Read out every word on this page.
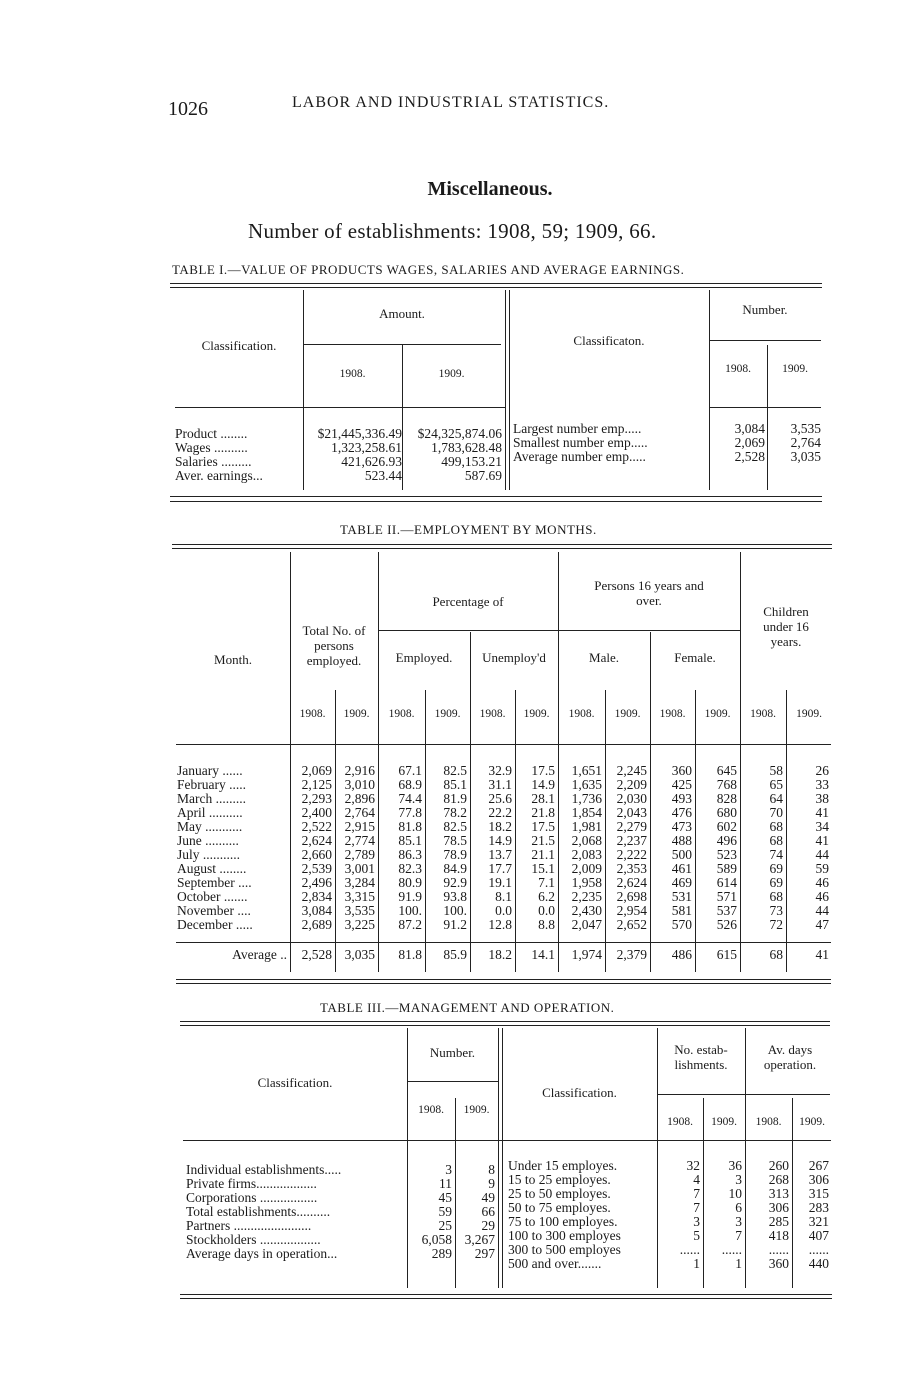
1026	LABOR AND INDUSTRIAL STATISTICS.
Miscellaneous.
Number of establishments: 1908, 59; 1909, 66.
TABLE I.—VALUE OF PRODUCTS WAGES, SALARIES AND AVERAGE EARNINGS.
Classification.
Amount.
Classificaton.
Number.
1908.	1909.	1908.	1909.
Product ........	$21,445,336.49	$24,325,874.06
Wages ..........	1,323,258.61	1,783,628.48
Salaries .........	421,626.93	499,153.21
Aver. earnings...	523.44	587.69
Largest number emp.....	3,084	3,535
Smallest number emp.....	2,069	2,764
Average number emp.....	2,528	3,035
TABLE II.—EMPLOYMENT BY MONTHS.
Month.
Total No. of persons employed.
Percentage of
Employed.	Unemploy'd
Persons 16 years and over.
Male.	Female.
Children under 16 years.
1908.	1909.	1908.	1909.	1908.	1909.	1908.	1909.	1908.	1909.	1908.	1909.
January ......	2,069	2,916	67.1	82.5	32.9	17.5	1,651	2,245	360	645	58	26
February .....	2,125	3,010	68.9	85.1	31.1	14.9	1,635	2,209	425	768	65	33
March .........	2,293	2,896	74.4	81.9	25.6	28.1	1,736	2,030	493	828	64	38
April ..........	2,400	2,764	77.8	78.2	22.2	21.8	1,854	2,043	476	680	70	41
May ...........	2,522	2,915	81.8	82.5	18.2	17.5	1,981	2,279	473	602	68	34
June ..........	2,624	2,774	85.1	78.5	14.9	21.5	2,068	2,237	488	496	68	41
July ...........	2,660	2,789	86.3	78.9	13.7	21.1	2,083	2,222	500	523	74	44
August ........	2,539	3,001	82.3	84.9	17.7	15.1	2,009	2,353	461	589	69	59
September ....	2,496	3,284	80.9	92.9	19.1	7.1	1,958	2,624	469	614	69	46
October .......	2,834	3,315	91.9	93.8	8.1	6.2	2,235	2,698	531	571	68	46
November ....	3,084	3,535	100.	100.	0.0	0.0	2,430	2,954	581	537	73	44
December .....	2,689	3,225	87.2	91.2	12.8	8.8	2,047	2,652	570	526	72	47
Average ..	2,528	3,035	81.8	85.9	18.2	14.1	1,974	2,379	486	615	68	41
TABLE III.—MANAGEMENT AND OPERATION.
Classification.
Number.
Classification.
No. estab- lishments.
Av. days operation.
1908.	1909.
1908.	1909.	1908.	1909.
Individual establishments.....	3	8
Private firms..................	11	9
Corporations .................	45	49
Total establishments..........	59	66
Partners .......................	25	29
Stockholders ..................	6,058	3,267
Average days in operation...	289	297
Under 15 employes.	32	36	260	267
15 to 25 employes.	4	3	268	306
25 to 50 employes.	7	10	313	315
50 to 75 employes.	7	6	306	283
75 to 100 employes.	3	3	285	321
100 to 300 employes	5	7	418	407
300 to 500 employes	......	......	......	......
500 and over.......	1	1	360	440
